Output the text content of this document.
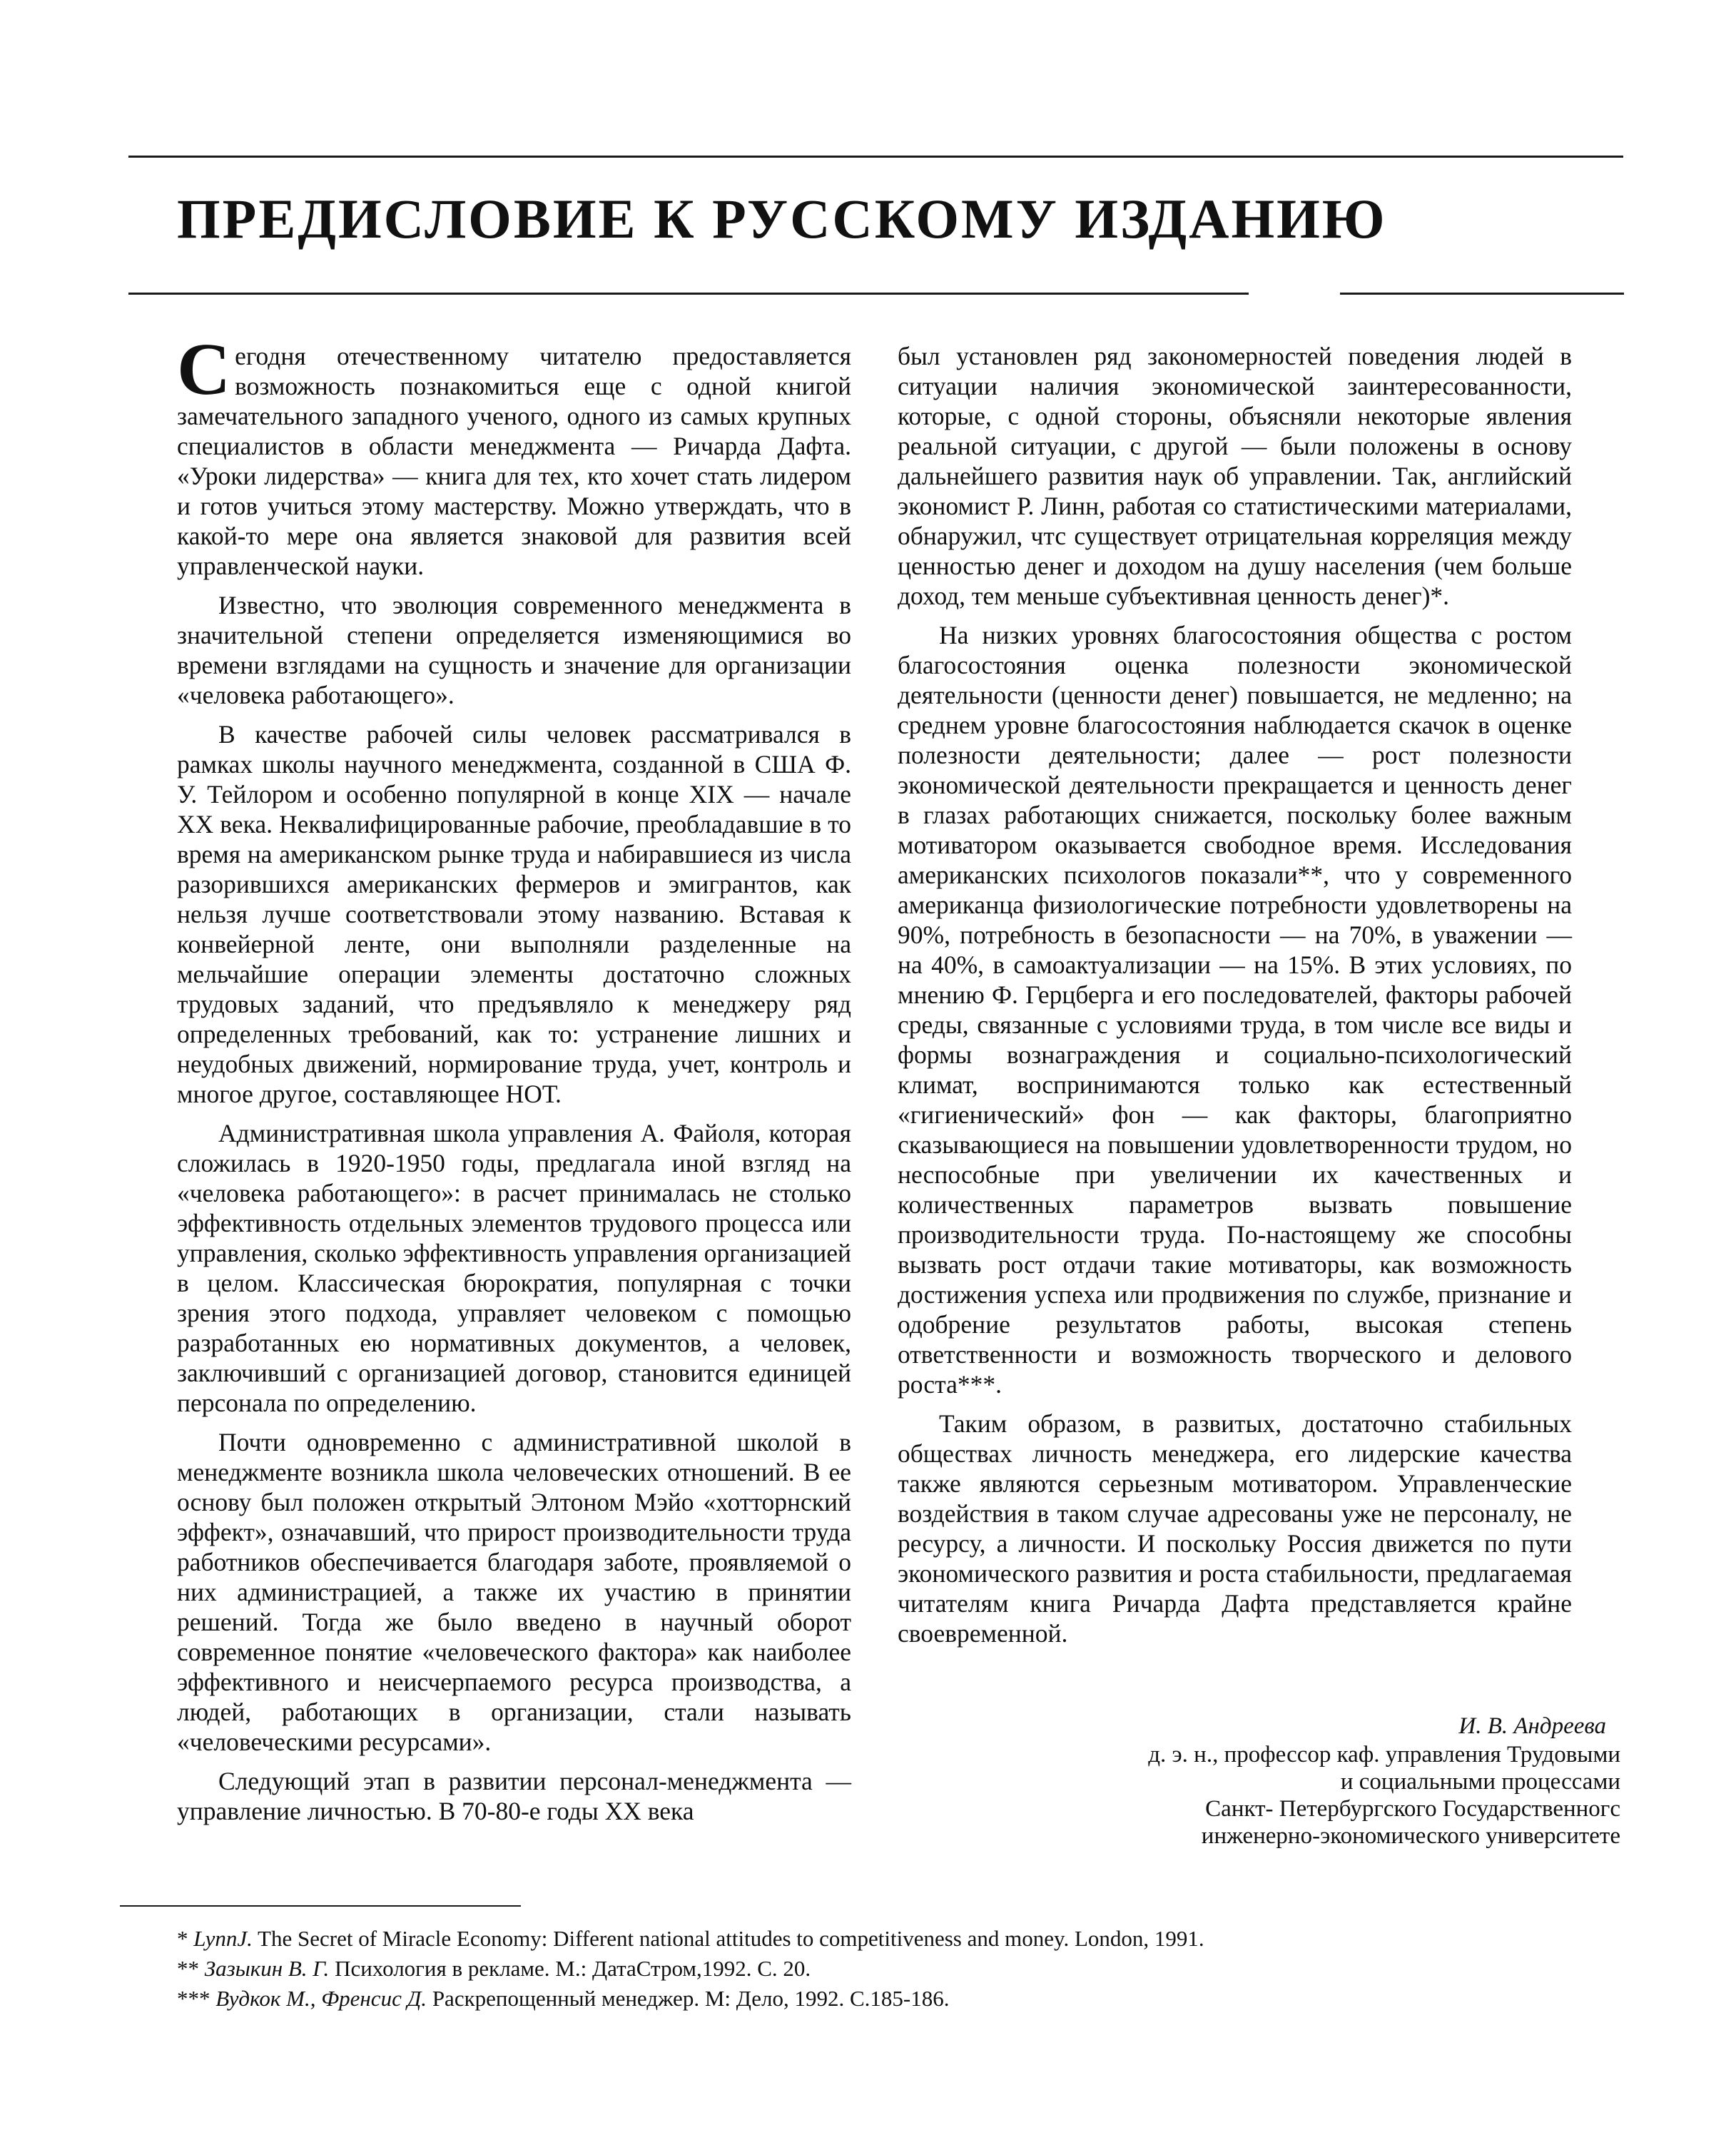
ПРЕДИСЛОВИЕ К РУССКОМУ ИЗДАНИЮ

Cегодня отечественному читателю предоставляется возможность познакомиться еще с одной книгой замечательного западного ученого, одного из самых крупных специалистов в области менеджмента — Ричарда Дафта. «Уроки лидерства» — книга для тех, кто хочет стать лидером и готов учиться этому мастерству. Можно утверждать, что в какой-то мере она является знаковой для развития всей управленческой науки.

Известно, что эволюция современного менеджмента в значительной степени определяется изменяющимися во времени взглядами на сущность и значение для организации «человека работающего».

В качестве рабочей силы человек рассматривался в рамках школы научного менеджмента, созданной в США Ф. У. Тейлором и особенно популярной в конце XIX — начале XX века. Неквалифицированные рабочие, преобладавшие в то время на американском рынке труда и набиравшиеся из числа разорившихся американских фермеров и эмигрантов, как нельзя лучше соответствовали этому названию. Вставая к конвейерной ленте, они выполняли разделенные на мельчайшие операции элементы достаточно сложных трудовых заданий, что предъявляло к менеджеру ряд определенных требований, как то: устранение лишних и неудобных движений, нормирование труда, учет, контроль и многое другое, составляющее НОТ.

Административная школа управления А. Файоля, которая сложилась в 1920-1950 годы, предлагала иной взгляд на «человека работающего»: в расчет принималась не столько эффективность отдельных элементов трудового процесса или управления, сколько эффективность управления организацией в целом. Классическая бюрократия, популярная с точки зрения этого подхода, управляет человеком с помощью разработанных ею нормативных документов, а человек, заключивший с организацией договор, становится единицей персонала по определению.

Почти одновременно с административной школой в менеджменте возникла школа человеческих отношений. В ее основу был положен открытый Элтоном Мэйо «хотторнский эффект», означавший, что прирост производительности труда работников обеспечивается благодаря заботе, проявляемой о них администрацией, а также их участию в принятии решений. Тогда же было введено в научный оборот современное понятие «человеческого фактора» как наиболее эффективного и неисчерпаемого ресурса производства, а людей, работающих в организации, стали называть «человеческими ресурсами».

Следующий этап в развитии персонал-менеджмента — управление личностью. В 70-80-е годы XX века

был установлен ряд закономерностей поведения людей в ситуации наличия экономической заинтересованности, которые, с одной стороны, объясняли некоторые явления реальной ситуации, с другой — были положены в основу дальнейшего развития наук об управлении. Так, английский экономист Р. Линн, работая со статистическими материалами, обнаружил, чтс существует отрицательная корреляция между ценностью денег и доходом на душу населения (чем больше доход, тем меньше субъективная ценность денег)*.

На низких уровнях благосостояния общества с ростом благосостояния оценка полезности экономической деятельности (ценности денег) повышается, не медленно; на среднем уровне благосостояния наблюдается скачок в оценке полезности деятельности; далее — рост полезности экономической деятельности прекращается и ценность денег в глазах работающих снижается, поскольку более важным мотиватором оказывается свободное время. Исследования американских психологов показали**, что у современного американца физиологические потребности удовлетворены на 90%, потребность в безопасности — на 70%, в уважении — на 40%, в самоактуализации — на 15%. В этих условиях, по мнению Ф. Герцберга и его последователей, факторы рабочей среды, связанные с условиями труда, в том числе все виды и формы вознаграждения и социально-психологический климат, воспринимаются только как естественный «гигиенический» фон — как факторы, благоприятно сказывающиеся на повышении удовлетворенности трудом, но неспособные при увеличении их качественных и количественных параметров вызвать повышение производительности труда. По-настоящему же способны вызвать рост отдачи такие мотиваторы, как возможность достижения успеха или продвижения по службе, признание и одобрение результатов работы, высокая степень ответственности и возможность творческого и делового роста***.

Таким образом, в развитых, достаточно стабильных обществах личность менеджера, его лидерские качества также являются серьезным мотиватором. Управленческие воздействия в таком случае адресованы уже не персоналу, не ресурсу, а личности. И поскольку Россия движется по пути экономического развития и роста стабильности, предлагаемая читателям книга Ричарда Дафта представляется крайне своевременной.

И. В. Андреева
д. э. н., профессор каф. управления Трудовыми
и социальными процессами
Санкт- Петербургского Государственногс
инженерно-экономического университете
* LynnJ. The Secret of Miracle Economy: Different national attitudes to competitiveness and money. London, 1991.
** Зазыкин В. Г. Психология в рекламе. М.: ДатаСтром,1992. С. 20.
*** Вудкок М., Френсис Д. Раскрепощенный менеджер. М: Дело, 1992. С.185-186.
